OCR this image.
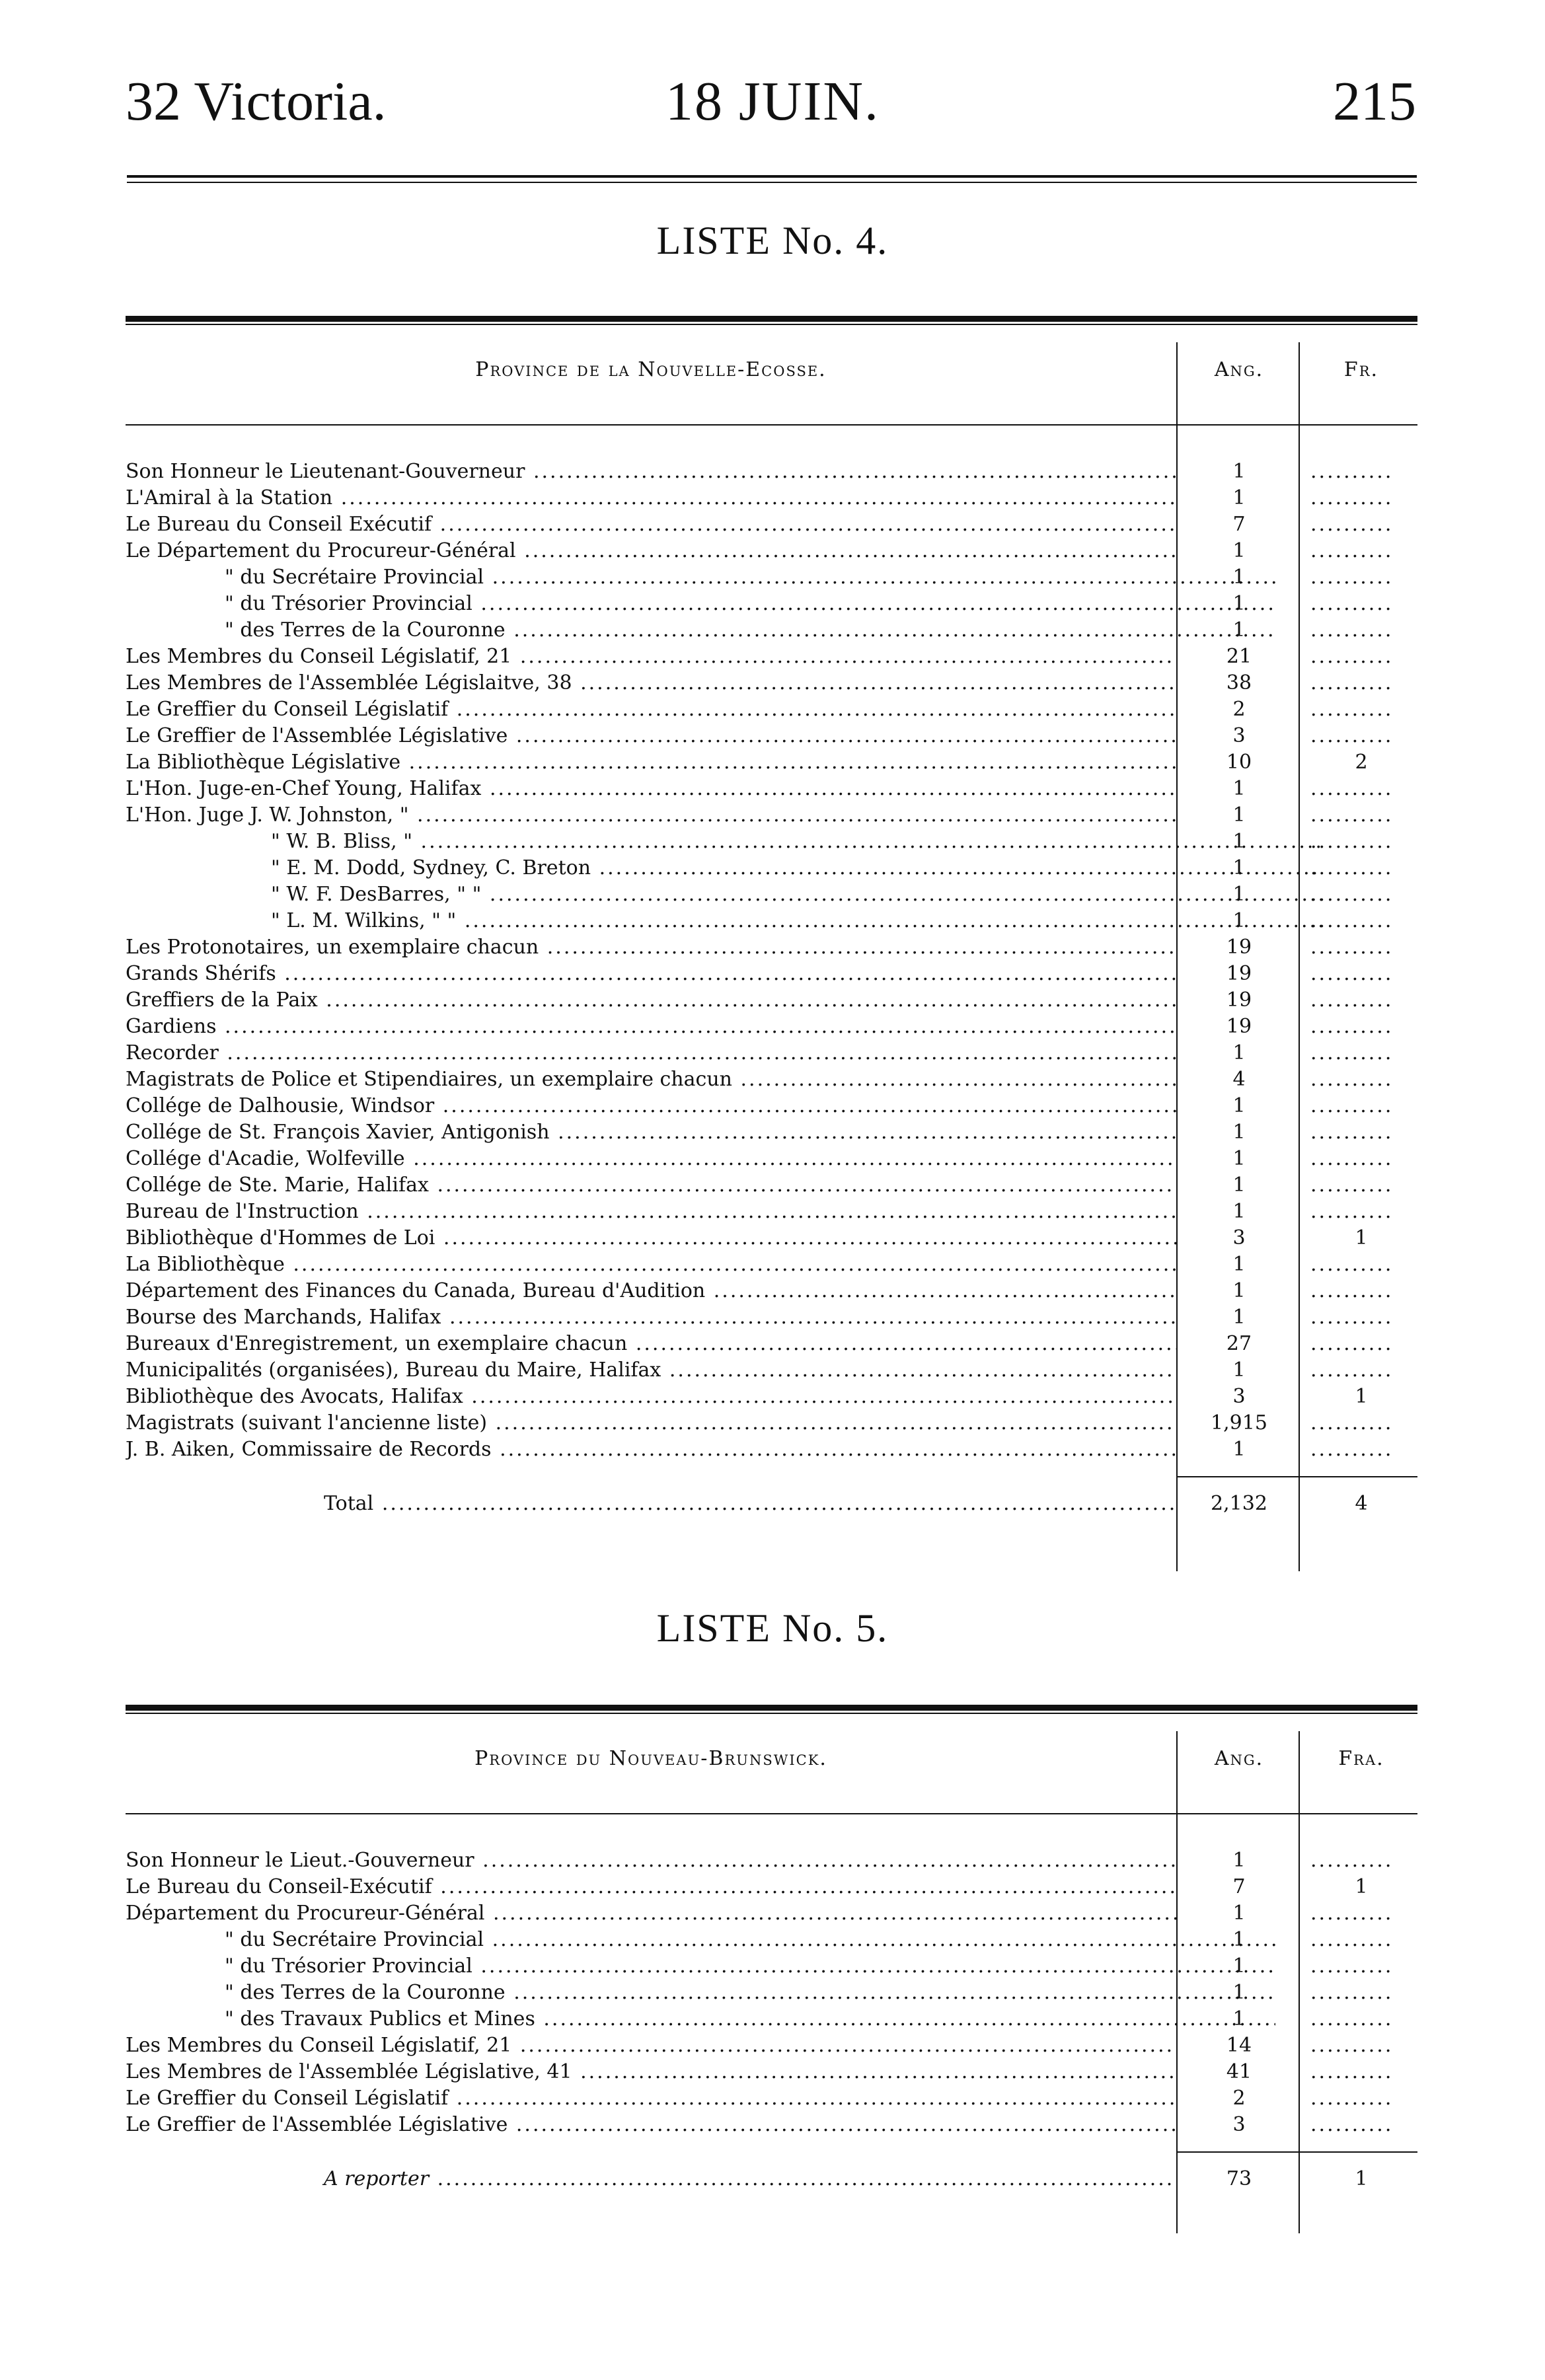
32 Victoria.	18 JUIN.	215
LISTE No. 4.
Province de la Nouvelle-Ecosse.	Ang.	Fr.
Son Honneur le Lieutenant-Gouverneur .....	1	..........
L'Amiral à la Station .....	1	..........
Le Bureau du Conseil Exécutif .....	7	..........
Le Département du Procureur-Général .....	1	..........
" du Secrétaire Provincial .....	1	..........
" du Trésorier Provincial .....	1	..........
" des Terres de la Couronne .....	1	..........
Les Membres du Conseil Législatif, 21 .....	21	..........
Les Membres de l'Assemblée Législaitve, 38 .....	38	..........
Le Greffier du Conseil Législatif .....	2	..........
Le Greffier de l'Assemblée Législative .....	3	..........
La Bibliothèque Législative .....	10	2
L'Hon. Juge-en-Chef Young, Halifax .....	1	..........
L'Hon. Juge J. W. Johnston, " .....	1	..........
" W. B. Bliss, " .....	1	..........
" E. M. Dodd, Sydney, C. Breton .....	1	..........
" W. F. DesBarres, " " .....	1	..........
" L. M. Wilkins, " " .....	1	..........
Les Protonotaires, un exemplaire chacun .....	19	..........
Grands Shérifs .....	19	..........
Greffiers de la Paix .....	19	..........
Gardiens .....	19	..........
Recorder .....	1	..........
Magistrats de Police et Stipendiaires, un exemplaire chacun .....	4	..........
Collége de Dalhousie, Windsor .....	1	..........
Collége de St. François Xavier, Antigonish .....	1	..........
Collége d'Acadie, Wolfeville .....	1	..........
Collége de Ste. Marie, Halifax .....	1	..........
Bureau de l'Instruction .....	1	..........
Bibliothèque d'Hommes de Loi .....	3	1
La Bibliothèque .....	1	..........
Département des Finances du Canada, Bureau d'Audition .....	1	..........
Bourse des Marchands, Halifax .....	1	..........
Bureaux d'Enregistrement, un exemplaire chacun .....	27	..........
Municipalités (organisées), Bureau du Maire, Halifax .....	1	..........
Bibliothèque des Avocats, Halifax .....	3	1
Magistrats (suivant l'ancienne liste) .....	1,915	..........
J. B. Aiken, Commissaire de Records .....	1	..........
Total .....	2,132	4
LISTE No. 5.
Province du Nouveau-Brunswick.	Ang.	Fra.
Son Honneur le Lieut.-Gouverneur .....	1	..........
Le Bureau du Conseil-Exécutif .....	7	1
Département du Procureur-Général .....	1	..........
" du Secrétaire Provincial .....	1	..........
" du Trésorier Provincial .....	1	..........
" des Terres de la Couronne .....	1	..........
" des Travaux Publics et Mines .....	1	..........
Les Membres du Conseil Législatif, 21 .....	14	..........
Les Membres de l'Assemblée Législative, 41 .....	41	..........
Le Greffier du Conseil Législatif .....	2	..........
Le Greffier de l'Assemblée Législative .....	3	..........
A reporter .....	73	1
